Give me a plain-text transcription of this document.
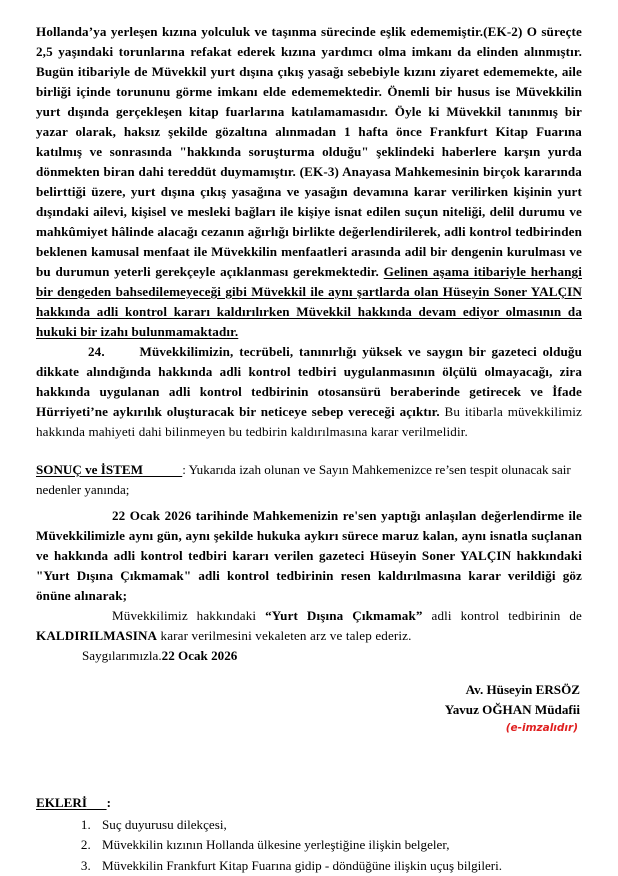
Hollanda’ya yerleşen kızına yolculuk ve taşınma sürecinde eşlik edememiştir.(EK-2) O süreçte 2,5 yaşındaki torunlarına refakat ederek kızına yardımcı olma imkanı da elinden alınmıştır. Bugün itibariyle de Müvekkil yurt dışına çıkış yasağı sebebiyle kızını ziyaret edememekte, aile birliği içinde torununu görme imkanı elde edememektedir. Önemli bir husus ise Müvekkilin yurt dışında gerçekleşen kitap fuarlarına katılamamasıdır. Öyle ki Müvekkil tanınmış bir yazar olarak, haksız şekilde gözaltına alınmadan 1 hafta önce Frankfurt Kitap Fuarına katılmış ve sonrasında "hakkında soruşturma olduğu" şeklindeki haberlere karşın yurda dönmekten biran dahi tereddüt duymamıştır. (EK-3) Anayasa Mahkemesinin birçok kararında belirttiği üzere, yurt dışına çıkış yasağına ve yasağın devamına karar verilirken kişinin yurt dışındaki ailevi, kişisel ve mesleki bağları ile kişiye isnat edilen suçun niteliği, delil durumu ve mahkûmiyet hâlinde alacağı cezanın ağırlığı birlikte değerlendirilerek, adli kontrol tedbirinden beklenen kamusal menfaat ile Müvekkilin menfaatleri arasında adil bir dengenin kurulması ve bu durumun yeterli gerekçeyle açıklanması gerekmektedir. Gelinen aşama itibariyle herhangi bir dengeden bahsedilemeyeceği gibi Müvekkil ile aynı şartlarda olan Hüseyin Soner YALÇIN hakkında adli kontrol kararı kaldırılırken Müvekkil hakkında devam ediyor olmasının da hukuki bir izahı bulunmamaktadır.

24.	Müvekkilimizin, tecrübeli, tanınırlığı yüksek ve saygın bir gazeteci olduğu dikkate alındığında hakkında adli kontrol tedbiri uygulanmasının ölçülü olmayacağı, zira hakkında uygulanan adli kontrol tedbirinin otosansürü beraberinde getirecek ve İfade Hürriyeti’ne aykırılık oluşturacak bir neticeye sebep vereceği açıktır. Bu itibarla müvekkilimiz hakkında mahiyeti dahi bilinmeyen bu tedbirin kaldırılmasına karar verilmelidir.

SONUÇ ve İSTEM	: Yukarıda izah olunan ve Sayın Mahkemenizce re’sen tespit olunacak sair

nedenler yanında;

22 Ocak 2026 tarihinde Mahkemenizin re'sen yaptığı anlaşılan değerlendirme ile Müvekkilimizle aynı gün, aynı şekilde hukuka aykırı sürece maruz kalan, aynı isnatla suçlanan ve hakkında adli kontrol tedbiri kararı verilen gazeteci Hüseyin Soner YALÇIN hakkındaki "Yurt Dışına Çıkmamak" adli kontrol tedbirinin resen kaldırılmasına karar verildiği göz önüne alınarak;

Müvekkilimiz hakkındaki “Yurt Dışına Çıkmamak” adli kontrol tedbirinin de KALDIRILMASINA karar verilmesini vekaleten arz ve talep ederiz.

Saygılarımızla.22 Ocak 2026

Av. Hüseyin ERSÖZ
Yavuz OĞHAN Müdafii
(e-imzalıdır)
EKLERİ :
1. Suç duyurusu dilekçesi,
2. Müvekkilin kızının Hollanda ülkesine yerleştiğine ilişkin belgeler,
3. Müvekkilin Frankfurt Kitap Fuarına gidip - döndüğüne ilişkin uçuş bilgileri.
